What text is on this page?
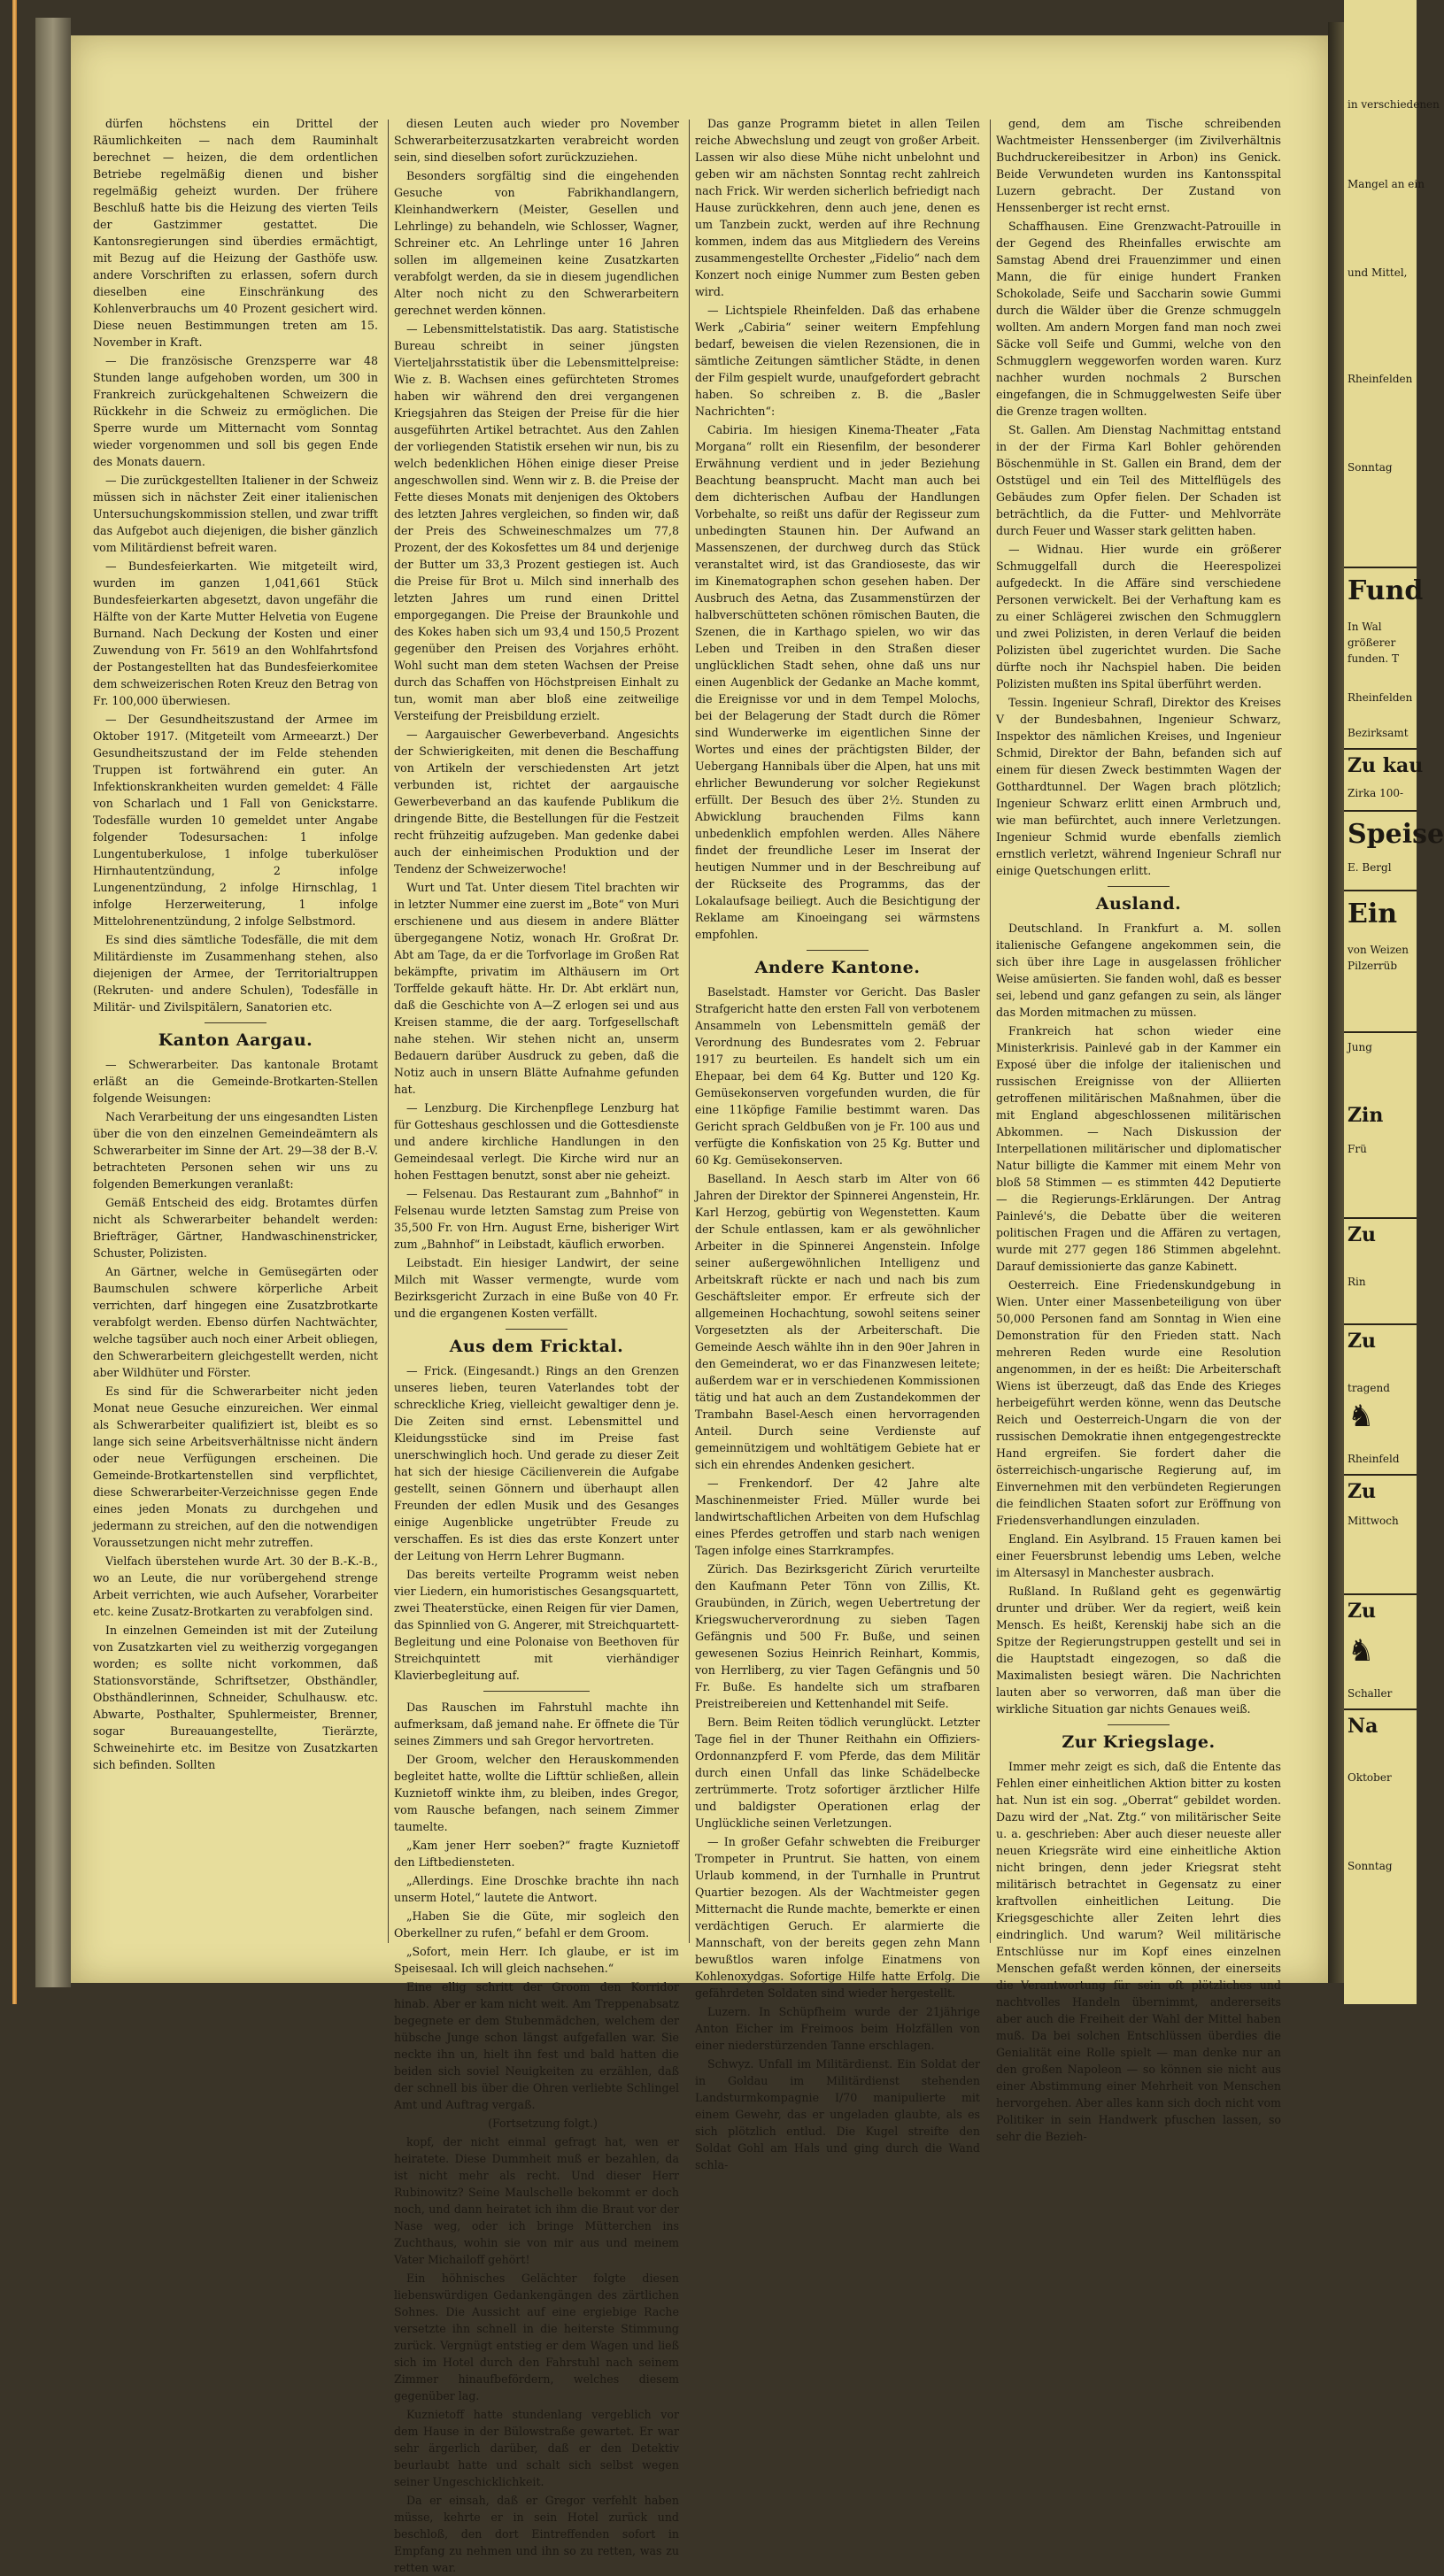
dürfen höchstens ein Drittel der Räumlichkeiten — nach dem Rauminhalt berechnet — heizen, die dem ordentlichen Betriebe regelmäßig dienen und bisher regelmäßig geheizt wurden. Der frühere Beschluß hatte bis die Heizung des vierten Teils der Gastzimmer gestattet. Die Kantonsregierungen sind überdies ermächtigt, mit Bezug auf die Heizung der Gasthöfe usw. andere Vorschriften zu erlassen, sofern durch dieselben eine Einschränkung des Kohlenverbrauchs um 40 Prozent gesichert wird. Diese neuen Bestimmungen treten am 15. November in Kraft.

— Die französische Grenzsperre war 48 Stunden lange aufgehoben worden, um 300 in Frankreich zurückgehaltenen Schweizern die Rückkehr in die Schweiz zu ermöglichen. Die Sperre wurde um Mitternacht vom Sonntag wieder vorgenommen und soll bis gegen Ende des Monats dauern.

— Die zurückgestellten Italiener in der Schweiz müssen sich in nächster Zeit einer italienischen Untersuchungskommission stellen, und zwar trifft das Aufgebot auch diejenigen, die bisher gänzlich vom Militärdienst befreit waren.

— Bundesfeierkarten. Wie mitgeteilt wird, wurden im ganzen 1,041,661 Stück Bundesfeierkarten abgesetzt, davon ungefähr die Hälfte von der Karte Mutter Helvetia von Eugene Burnand. Nach Deckung der Kosten und einer Zuwendung von Fr. 5619 an den Wohlfahrtsfond der Postangestellten hat das Bundesfeierkomitee dem schweizerischen Roten Kreuz den Betrag von Fr. 100,000 überwiesen.

— Der Gesundheitszustand der Armee im Oktober 1917. (Mitgeteilt vom Armeearzt.) Der Gesundheitszustand der im Felde stehenden Truppen ist fortwährend ein guter. An Infektionskrankheiten wurden gemeldet: 4 Fälle von Scharlach und 1 Fall von Genickstarre. Todesfälle wurden 10 gemeldet unter Angabe folgender Todesursachen: 1 infolge Lungentuberkulose, 1 infolge tuberkulöser Hirnhautentzündung, 2 infolge Lungenentzündung, 2 infolge Hirnschlag, 1 infolge Herzerweiterung, 1 infolge Mittelohrenentzündung, 2 infolge Selbstmord.

Es sind dies sämtliche Todesfälle, die mit dem Militärdienste im Zusammenhang stehen, also diejenigen der Armee, der Territorialtruppen (Rekruten- und andere Schulen), Todesfälle in Militär- und Zivilspitälern, Sanatorien etc.

Kanton Aargau.

— Schwerarbeiter. Das kantonale Brotamt erläßt an die Gemeinde-Brotkarten-Stellen folgende Weisungen:

Nach Verarbeitung der uns eingesandten Listen über die von den einzelnen Gemeindeämtern als Schwerarbeiter im Sinne der Art. 29—38 der B.-V. betrachteten Personen sehen wir uns zu folgenden Bemerkungen veranlaßt:

Gemäß Entscheid des eidg. Brotamtes dürfen nicht als Schwerarbeiter behandelt werden: Briefträger, Gärtner, Handwaschinenstricker, Schuster, Polizisten.

An Gärtner, welche in Gemüsegärten oder Baumschulen schwere körperliche Arbeit verrichten, darf hingegen eine Zusatzbrotkarte verabfolgt werden. Ebenso dürfen Nachtwächter, welche tagsüber auch noch einer Arbeit obliegen, den Schwerarbeitern gleichgestellt werden, nicht aber Wildhüter und Förster.

Es sind für die Schwerarbeiter nicht jeden Monat neue Gesuche einzureichen. Wer einmal als Schwerarbeiter qualifiziert ist, bleibt es so lange sich seine Arbeitsverhältnisse nicht ändern oder neue Verfügungen erscheinen. Die Gemeinde-Brotkartenstellen sind verpflichtet, diese Schwerarbeiter-Verzeichnisse gegen Ende eines jeden Monats zu durchgehen und jedermann zu streichen, auf den die notwendigen Voraussetzungen nicht mehr zutreffen.

Vielfach überstehen wurde Art. 30 der B.-K.-B., wo an Leute, die nur vorübergehend strenge Arbeit verrichten, wie auch Aufseher, Vorarbeiter etc. keine Zusatz-Brotkarten zu verabfolgen sind.

In einzelnen Gemeinden ist mit der Zuteilung von Zusatzkarten viel zu weitherzig vorgegangen worden; es sollte nicht vorkommen, daß Stationsvorstände, Schriftsetzer, Obsthändler, Obsthändlerinnen, Schneider, Schulhausw. etc. Abwarte, Posthalter, Spuhlermeister, Brenner, sogar Bureauangestellte, Tierärzte, Schweinehirte etc. im Besitze von Zusatzkarten sich befinden. Sollten

diesen Leuten auch wieder pro November Schwerarbeiterzusatzkarten verabreicht worden sein, sind dieselben sofort zurückzuziehen.

Besonders sorgfältig sind die eingehenden Gesuche von Fabrikhandlangern, Kleinhandwerkern (Meister, Gesellen und Lehrlinge) zu behandeln, wie Schlosser, Wagner, Schreiner etc. An Lehrlinge unter 16 Jahren sollen im allgemeinen keine Zusatzkarten verabfolgt werden, da sie in diesem jugendlichen Alter noch nicht zu den Schwerarbeitern gerechnet werden können.

— Lebensmittelstatistik. Das aarg. Statistische Bureau schreibt in seiner jüngsten Vierteljahrsstatistik über die Lebensmittelpreise: Wie z. B. Wachsen eines gefürchteten Stromes haben wir während den drei vergangenen Kriegsjahren das Steigen der Preise für die hier ausgeführten Artikel betrachtet. Aus den Zahlen der vorliegenden Statistik ersehen wir nun, bis zu welch bedenklichen Höhen einige dieser Preise angeschwollen sind. Wenn wir z. B. die Preise der Fette dieses Monats mit denjenigen des Oktobers des letzten Jahres vergleichen, so finden wir, daß der Preis des Schweineschmalzes um 77,8 Prozent, der des Kokosfettes um 84 und derjenige der Butter um 33,3 Prozent gestiegen ist. Auch die Preise für Brot u. Milch sind innerhalb des letzten Jahres um rund einen Drittel emporgegangen. Die Preise der Braunkohle und des Kokes haben sich um 93,4 und 150,5 Prozent gegenüber den Preisen des Vorjahres erhöht. Wohl sucht man dem steten Wachsen der Preise durch das Schaffen von Höchstpreisen Einhalt zu tun, womit man aber bloß eine zeitweilige Versteifung der Preisbildung erzielt.

— Aargauischer Gewerbeverband. Angesichts der Schwierigkeiten, mit denen die Beschaffung von Artikeln der verschiedensten Art jetzt verbunden ist, richtet der aargauische Gewerbeverband an das kaufende Publikum die dringende Bitte, die Bestellungen für die Festzeit recht frühzeitig aufzugeben. Man gedenke dabei auch der einheimischen Produktion und der Tendenz der Schweizerwoche!

Wurt und Tat. Unter diesem Titel brachten wir in letzter Nummer eine zuerst im „Bote“ von Muri erschienene und aus diesem in andere Blätter übergegangene Notiz, wonach Hr. Großrat Dr. Abt am Tage, da er die Torfvorlage im Großen Rat bekämpfte, privatim im Althäusern im Ort Torffelde gekauft hätte. Hr. Dr. Abt erklärt nun, daß die Geschichte von A—Z erlogen sei und aus Kreisen stamme, die der aarg. Torfgesellschaft nahe stehen. Wir stehen nicht an, unserm Bedauern darüber Ausdruck zu geben, daß die Notiz auch in unsern Blätte Aufnahme gefunden hat.

— Lenzburg. Die Kirchenpflege Lenzburg hat für Gotteshaus geschlossen und die Gottesdienste und andere kirchliche Handlungen in den Gemeindesaal verlegt. Die Kirche wird nur an hohen Festtagen benutzt, sonst aber nie geheizt.

— Felsenau. Das Restaurant zum „Bahnhof“ in Felsenau wurde letzten Samstag zum Preise von 35,500 Fr. von Hrn. August Erne, bisheriger Wirt zum „Bahnhof“ in Leibstadt, käuflich erworben.

Leibstadt. Ein hiesiger Landwirt, der seine Milch mit Wasser vermengte, wurde vom Bezirksgericht Zurzach in eine Buße von 40 Fr. und die ergangenen Kosten verfällt.

Aus dem Fricktal.

— Frick. (Eingesandt.) Rings an den Grenzen unseres lieben, teuren Vaterlandes tobt der schreckliche Krieg, vielleicht gewaltiger denn je. Die Zeiten sind ernst. Lebensmittel und Kleidungsstücke sind im Preise fast unerschwinglich hoch. Und gerade zu dieser Zeit hat sich der hiesige Cäcilienverein die Aufgabe gestellt, seinen Gönnern und überhaupt allen Freunden der edlen Musik und des Gesanges einige Augenblicke ungetrübter Freude zu verschaffen. Es ist dies das erste Konzert unter der Leitung von Herrn Lehrer Bugmann.

Das bereits verteilte Programm weist neben vier Liedern, ein humoristisches Gesangsquartett, zwei Theaterstücke, einen Reigen für vier Damen, das Spinnlied von G. Angerer, mit Streichquartett-Begleitung und eine Polonaise von Beethoven für Streichquintett mit vierhändiger Klavierbegleitung auf.

Das Rauschen im Fahrstuhl machte ihn aufmerksam, daß jemand nahe. Er öffnete die Tür seines Zimmers und sah Gregor hervortreten.

Der Groom, welcher den Herauskommenden begleitet hatte, wollte die Lifttür schließen, allein Kuznietoff winkte ihm, zu bleiben, indes Gregor, vom Rausche befangen, nach seinem Zimmer taumelte.

„Kam jener Herr soeben?“ fragte Kuznietoff den Liftbediensteten.

„Allerdings. Eine Droschke brachte ihn nach unserm Hotel,“ lautete die Antwort.

„Haben Sie die Güte, mir sogleich den Oberkellner zu rufen,“ befahl er dem Groom.

„Sofort, mein Herr. Ich glaube, er ist im Speisesaal. Ich will gleich nachsehen.“

Eine ellig schritt der Groom den Korridor hinab. Aber er kam nicht weit. Am Treppenabsatz begegnete er dem Stubenmädchen, welchem der hübsche Junge schon längst aufgefallen war. Sie neckte ihn un, hielt ihn fest und bald hatten die beiden sich soviel Neuigkeiten zu erzählen, daß der schnell bis über die Ohren verliebte Schlingel Amt und Auftrag vergaß.

(Fortsetzung folgt.)

kopf, der nicht einmal gefragt hat, wen er heiratete. Diese Dummheit muß er bezahlen, da ist nicht mehr als recht. Und dieser Herr Rubinowitz? Seine Maulschelle bekommt er doch noch, und dann heiratet ich ihm die Braut vor der Nase weg, oder ich bringe Mütterchen ins Zuchthaus, wohin sie von mir aus und meinem Vater Michailoff gehört!

Ein höhnisches Gelächter folgte diesen liebenswürdigen Gedankengängen des zärtlichen Sohnes. Die Aussicht auf eine ergiebige Rache versetzte ihn schnell in die heiterste Stimmung zurück. Vergnügt entstieg er dem Wagen und ließ sich im Hotel durch den Fahrstuhl nach seinem Zimmer hinaufbefördern, welches diesem gegenüber lag.

Kuznietoff hatte stundenlang vergeblich vor dem Hause in der Bülowstraße gewartet. Er war sehr ärgerlich darüber, daß er den Detektiv beurlaubt hatte und schalt sich selbst wegen seiner Ungeschicklichkeit.

Da er einsah, daß er Gregor verfehlt haben müsse, kehrte er in sein Hotel zurück und beschloß, den dort Eintreffenden sofort in Empfang zu nehmen und ihn so zu retten, was zu retten war.

Das ganze Programm bietet in allen Teilen reiche Abwechslung und zeugt von großer Arbeit. Lassen wir also diese Mühe nicht unbelohnt und geben wir am nächsten Sonntag recht zahlreich nach Frick. Wir werden sicherlich befriedigt nach Hause zurückkehren, denn auch jene, denen es um Tanzbein zuckt, werden auf ihre Rechnung kommen, indem das aus Mitgliedern des Vereins zusammengestellte Orchester „Fidelio“ nach dem Konzert noch einige Nummer zum Besten geben wird.

— Lichtspiele Rheinfelden. Daß das erhabene Werk „Cabiria“ seiner weitern Empfehlung bedarf, beweisen die vielen Rezensionen, die in sämtliche Zeitungen sämtlicher Städte, in denen der Film gespielt wurde, unaufgefordert gebracht haben. So schreiben z. B. die „Basler Nachrichten“:

Cabiria. Im hiesigen Kinema-Theater „Fata Morgana“ rollt ein Riesenfilm, der besonderer Erwähnung verdient und in jeder Beziehung Beachtung beansprucht. Macht man auch bei dem dichterischen Aufbau der Handlungen Vorbehalte, so reißt uns dafür der Regisseur zum unbedingten Staunen hin. Der Aufwand an Massenszenen, der durchweg durch das Stück veranstaltet wird, ist das Grandioseste, das wir im Kinematographen schon gesehen haben. Der Ausbruch des Aetna, das Zusammenstürzen der halbverschütteten schönen römischen Bauten, die Szenen, die in Karthago spielen, wo wir das Leben und Treiben in den Straßen dieser unglücklichen Stadt sehen, ohne daß uns nur einen Augenblick der Gedanke an Mache kommt, die Ereignisse vor und in dem Tempel Molochs, bei der Belagerung der Stadt durch die Römer sind Wunderwerke im eigentlichen Sinne der Wortes und eines der prächtigsten Bilder, der Uebergang Hannibals über die Alpen, hat uns mit ehrlicher Bewunderung vor solcher Regiekunst erfüllt. Der Besuch des über 2½. Stunden zu Abwicklung brauchenden Films kann unbedenklich empfohlen werden. Alles Nähere findet der freundliche Leser im Inserat der heutigen Nummer und in der Beschreibung auf der Rückseite des Programms, das der Lokalaufsage beiliegt. Auch die Besichtigung der Reklame am Kinoeingang sei wärmstens empfohlen.

Andere Kantone.

Baselstadt. Hamster vor Gericht. Das Basler Strafgericht hatte den ersten Fall von verbotenem Ansammeln von Lebensmitteln gemäß der Verordnung des Bundesrates vom 2. Februar 1917 zu beurteilen. Es handelt sich um ein Ehepaar, bei dem 64 Kg. Butter und 120 Kg. Gemüsekonserven vorgefunden wurden, die für eine 11köpfige Familie bestimmt waren. Das Gericht sprach Geldbußen von je Fr. 100 aus und verfügte die Konfiskation von 25 Kg. Butter und 60 Kg. Gemüsekonserven.

Baselland. In Aesch starb im Alter von 66 Jahren der Direktor der Spinnerei Angenstein, Hr. Karl Herzog, gebürtig von Wegenstetten. Kaum der Schule entlassen, kam er als gewöhnlicher Arbeiter in die Spinnerei Angenstein. Infolge seiner außergewöhnlichen Intelligenz und Arbeitskraft rückte er nach und nach bis zum Geschäftsleiter empor. Er erfreute sich der allgemeinen Hochachtung, sowohl seitens seiner Vorgesetzten als der Arbeiterschaft. Die Gemeinde Aesch wählte ihn in den 90er Jahren in den Gemeinderat, wo er das Finanzwesen leitete; außerdem war er in verschiedenen Kommissionen tätig und hat auch an dem Zustandekommen der Trambahn Basel-Aesch einen hervorragenden Anteil. Durch seine Verdienste auf gemeinnützigem und wohltätigem Gebiete hat er sich ein ehrendes Andenken gesichert.

— Frenkendorf. Der 42 Jahre alte Maschinenmeister Fried. Müller wurde bei landwirtschaftlichen Arbeiten von dem Hufschlag eines Pferdes getroffen und starb nach wenigen Tagen infolge eines Starrkrampfes.

Zürich. Das Bezirksgericht Zürich verurteilte den Kaufmann Peter Tönn von Zillis, Kt. Graubünden, in Zürich, wegen Uebertretung der Kriegswucherverordnung zu sieben Tagen Gefängnis und 500 Fr. Buße, und seinen gewesenen Sozius Heinrich Reinhart, Kommis, von Herrliberg, zu vier Tagen Gefängnis und 50 Fr. Buße. Es handelte sich um strafbaren Preistreibereien und Kettenhandel mit Seife.

Bern. Beim Reiten tödlich verunglückt. Letzter Tage fiel in der Thuner Reithahn ein Offiziers-Ordonnanzpferd F. vom Pferde, das dem Militär durch einen Unfall das linke Schädelbecke zertrümmerte. Trotz sofortiger ärztlicher Hilfe und baldigster Operationen erlag der Unglückliche seinen Verletzungen.

— In großer Gefahr schwebten die Freiburger Trompeter in Pruntrut. Sie hatten, von einem Urlaub kommend, in der Turnhalle in Pruntrut Quartier bezogen. Als der Wachtmeister gegen Mitternacht die Runde machte, bemerkte er einen verdächtigen Geruch. Er alarmierte die Mannschaft, von der bereits gegen zehn Mann bewußtlos waren infolge Einatmens von Kohlenoxydgas. Sofortige Hilfe hatte Erfolg. Die gefährdeten Soldaten sind wieder hergestellt.

Luzern. In Schüpfheim wurde der 21jährige Anton Eicher im Freimoos beim Holzfällen von einer niederstürzenden Tanne erschlagen.

Schwyz. Unfall im Militärdienst. Ein Soldat der in Goldau im Militärdienst stehenden Landsturmkompagnie I/70 manipulierte mit einem Gewehr, das er ungeladen glaubte, als es sich plötzlich entlud. Die Kugel streifte den Soldat Gohl am Hals und ging durch die Wand schla-

gend, dem am Tische schreibenden Wachtmeister Henssenberger (im Zivilverhältnis Buchdruckereibesitzer in Arbon) ins Genick. Beide Verwundeten wurden ins Kantonsspital Luzern gebracht. Der Zustand von Henssenberger ist recht ernst.

Schaffhausen. Eine Grenzwacht-Patrouille in der Gegend des Rheinfalles erwischte am Samstag Abend drei Frauenzimmer und einen Mann, die für einige hundert Franken Schokolade, Seife und Saccharin sowie Gummi durch die Wälder über die Grenze schmuggeln wollten. Am andern Morgen fand man noch zwei Säcke voll Seife und Gummi, welche von den Schmugglern weggeworfen worden waren. Kurz nachher wurden nochmals 2 Burschen eingefangen, die in Schmuggelwesten Seife über die Grenze tragen wollten.

St. Gallen. Am Dienstag Nachmittag entstand in der der Firma Karl Bohler gehörenden Böschenmühle in St. Gallen ein Brand, dem der Oststügel und ein Teil des Mittelflügels des Gebäudes zum Opfer fielen. Der Schaden ist beträchtlich, da die Futter- und Mehlvorräte durch Feuer und Wasser stark gelitten haben.

— Widnau. Hier wurde ein größerer Schmuggelfall durch die Heerespolizei aufgedeckt. In die Affäre sind verschiedene Personen verwickelt. Bei der Verhaftung kam es zu einer Schlägerei zwischen den Schmugglern und zwei Polizisten, in deren Verlauf die beiden Polizisten übel zugerichtet wurden. Die Sache dürfte noch ihr Nachspiel haben. Die beiden Polizisten mußten ins Spital überführt werden.

Tessin. Ingenieur Schrafl, Direktor des Kreises V der Bundesbahnen, Ingenieur Schwarz, Inspektor des nämlichen Kreises, und Ingenieur Schmid, Direktor der Bahn, befanden sich auf einem für diesen Zweck bestimmten Wagen der Gotthardtunnel. Der Wagen brach plötzlich; Ingenieur Schwarz erlitt einen Armbruch und, wie man befürchtet, auch innere Verletzungen. Ingenieur Schmid wurde ebenfalls ziemlich ernstlich verletzt, während Ingenieur Schrafl nur einige Quetschungen erlitt.

Ausland.

Deutschland. In Frankfurt a. M. sollen italienische Gefangene angekommen sein, die sich über ihre Lage in ausgelassen fröhlicher Weise amüsierten. Sie fanden wohl, daß es besser sei, lebend und ganz gefangen zu sein, als länger das Morden mitmachen zu müssen.

Frankreich hat schon wieder eine Ministerkrisis. Painlevé gab in der Kammer ein Exposé über die infolge der italienischen und russischen Ereignisse von der Alliierten getroffenen militärischen Maßnahmen, über die mit England abgeschlossenen militärischen Abkommen. — Nach Diskussion der Interpellationen militärischer und diplomatischer Natur billigte die Kammer mit einem Mehr von bloß 58 Stimmen — es stimmten 442 Deputierte — die Regierungs-Erklärungen. Der Antrag Painlevé's, die Debatte über die weiteren politischen Fragen und die Affären zu vertagen, wurde mit 277 gegen 186 Stimmen abgelehnt. Darauf demissionierte das ganze Kabinett.

Oesterreich. Eine Friedenskundgebung in Wien. Unter einer Massenbeteiligung von über 50,000 Personen fand am Sonntag in Wien eine Demonstration für den Frieden statt. Nach mehreren Reden wurde eine Resolution angenommen, in der es heißt: Die Arbeiterschaft Wiens ist überzeugt, daß das Ende des Krieges herbeigeführt werden könne, wenn das Deutsche Reich und Oesterreich-Ungarn die von der russischen Demokratie ihnen entgegengestreckte Hand ergreifen. Sie fordert daher die österreichisch-ungarische Regierung auf, im Einvernehmen mit den verbündeten Regierungen die feindlichen Staaten sofort zur Eröffnung von Friedensverhandlungen einzuladen.

England. Ein Asylbrand. 15 Frauen kamen bei einer Feuersbrunst lebendig ums Leben, welche im Altersasyl in Manchester ausbrach.

Rußland. In Rußland geht es gegenwärtig drunter und drüber. Wer da regiert, weiß kein Mensch. Es heißt, Kerenskij habe sich an die Spitze der Regierungstruppen gestellt und sei in die Hauptstadt eingezogen, so daß die Maximalisten besiegt wären. Die Nachrichten lauten aber so verworren, daß man über die wirkliche Situation gar nichts Genaues weiß.

Zur Kriegslage.

Immer mehr zeigt es sich, daß die Entente das Fehlen einer einheitlichen Aktion bitter zu kosten hat. Nun ist ein sog. „Oberrat“ gebildet worden. Dazu wird der „Nat. Ztg.“ von militärischer Seite u. a. geschrieben: Aber auch dieser neueste aller neuen Kriegsräte wird eine einheitliche Aktion nicht bringen, denn jeder Kriegsrat steht militärisch betrachtet in Gegensatz zu einer kraftvollen einheitlichen Leitung. Die Kriegsgeschichte aller Zeiten lehrt dies eindringlich. Und warum? Weil militärische Entschlüsse nur im Kopf eines einzelnen Menschen gefaßt werden können, der einerseits die Verantwortung für sein oft plötzliches und nachtvolles Handeln übernimmt, andererseits aber auch die Freiheit der Wahl der Mittel haben muß. Da bei solchen Entschlüssen überdies die Genialität eine Rolle spielt — man denke nur an den großen Napoleon — so können sie nicht aus einer Abstimmung einer Mehrheit von Menschen hervorgehen. Aber alles kann sich doch nicht vom Politiker in sein Handwerk pfuschen lassen, so sehr die Bezieh-

in verschiedenen
Mangel an ein
und Mittel,
Rheinfelden
Sonntag
Fund
In Wal
größerer
funden. T
Rheinfelden
Bezirksamt
Zu kau
Zirka 100-
Speise
E. Bergl
Ein
von Weizen
Pilzerrüb
Jung
Zin
Frü
Zu
Rin
Zu
tragend
♞
Rheinfeld
Zu
Mittwoch
Zu
♞
Schaller
Na
Oktober
Sonntag
